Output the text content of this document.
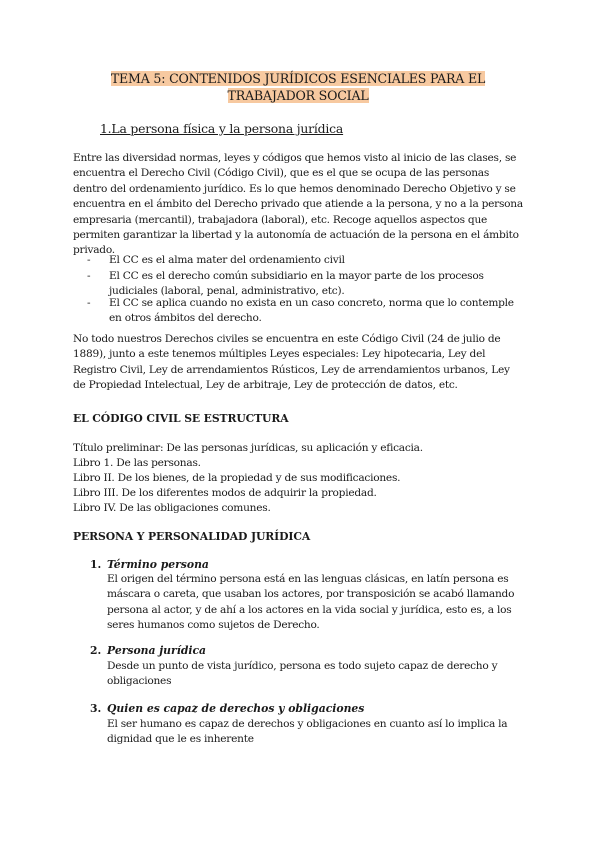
TEMA 5: CONTENIDOS JURÍDICOS ESENCIALES PARA EL TRABAJADOR SOCIAL
1.La persona física y la persona jurídica
Entre las diversidad normas, leyes y códigos que hemos visto al inicio de las clases, se encuentra el Derecho Civil (Código Civil), que es el que se ocupa de las personas dentro del ordenamiento jurídico. Es lo que hemos denominado Derecho Objetivo y se encuentra en el ámbito del Derecho privado que atiende a la persona, y no a la persona empresaria (mercantil), trabajadora (laboral), etc. Recoge aquellos aspectos que permiten garantizar la libertad y la autonomía de actuación de la persona en el ámbito privado.
- El CC es el alma mater del ordenamiento civil
- El CC es el derecho común subsidiario en la mayor parte de los procesos judiciales (laboral, penal, administrativo, etc).
- El CC se aplica cuando no exista en un caso concreto, norma que lo contemple en otros ámbitos del derecho.
No todo nuestros Derechos civiles se encuentra en este Código Civil (24 de julio de 1889), junto a este tenemos múltiples Leyes especiales: Ley hipotecaria, Ley del Registro Civil, Ley de arrendamientos Rústicos, Ley de arrendamientos urbanos, Ley de Propiedad Intelectual, Ley de arbitraje, Ley de protección de datos, etc.
EL CÓDIGO CIVIL SE ESTRUCTURA
Título preliminar: De las personas jurídicas, su aplicación y eficacia.
Libro 1. De las personas.
Libro II. De los bienes, de la propiedad y de sus modificaciones.
Libro III. De los diferentes modos de adquirir la propiedad.
Libro IV. De las obligaciones comunes.
PERSONA Y PERSONALIDAD JURÍDICA
1. Término persona
El origen del término persona está en las lenguas clásicas, en latín persona es máscara o careta, que usaban los actores, por transposición se acabó llamando persona al actor, y de ahí a los actores en la vida social y jurídica, esto es, a los seres humanos como sujetos de Derecho.
2. Persona jurídica
Desde un punto de vista jurídico, persona es todo sujeto capaz de derecho y obligaciones
3. Quien es capaz de derechos y obligaciones
El ser humano es capaz de derechos y obligaciones en cuanto así lo implica la dignidad que le es inherente
